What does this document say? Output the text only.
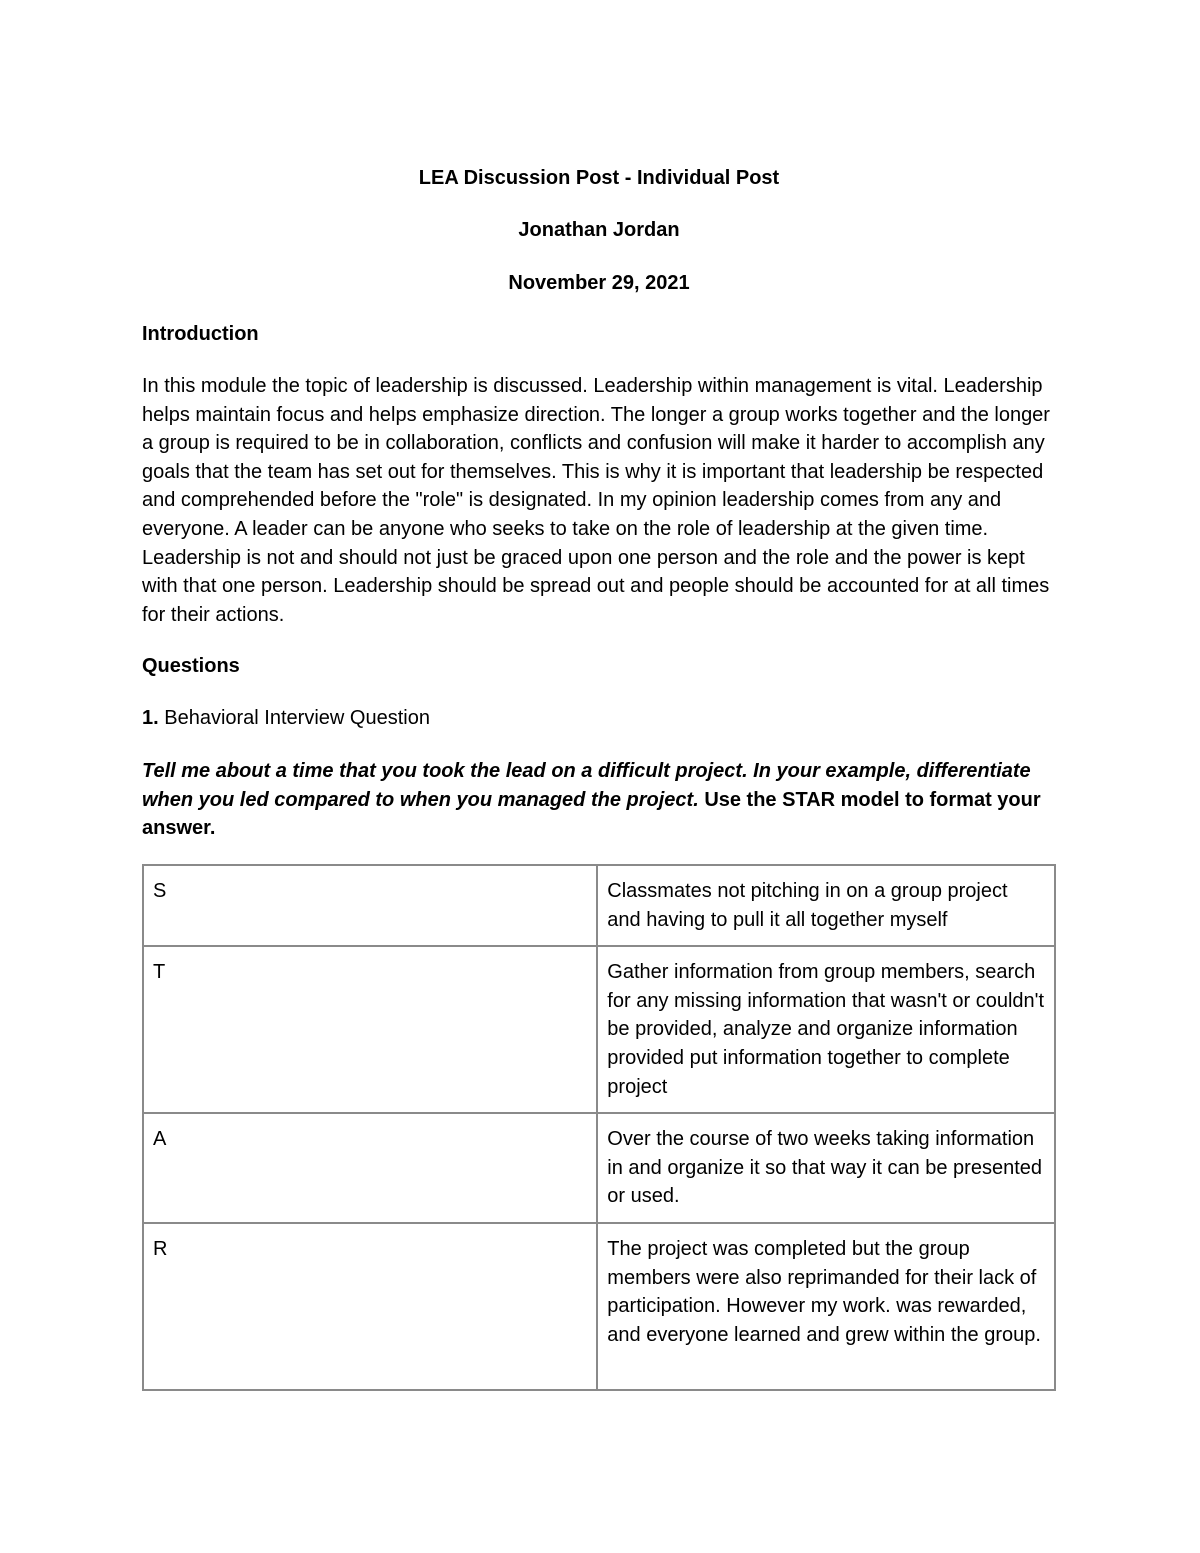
LEA Discussion Post - Individual Post

Jonathan Jordan

November 29, 2021

Introduction

In this module the topic of leadership is discussed. Leadership within management is vital. Leadership helps maintain focus and helps emphasize direction. The longer a group works together and the longer a group is required to be in collaboration, conflicts and confusion will make it harder to accomplish any goals that the team has set out for themselves. This is why it is important that leadership be respected and comprehended before the "role" is designated. In my opinion leadership comes from any and everyone. A leader can be anyone who seeks to take on the role of leadership at the given time. Leadership is not and should not just be graced upon one person and the role and the power is kept with that one person. Leadership should be spread out and people should be accounted for at all times for their actions.

Questions

1. Behavioral Interview Question

Tell me about a time that you took the lead on a difficult project. In your example, differentiate when you led compared to when you managed the project. Use the STAR model to format your answer.

S	Classmates not pitching in on a group project and having to pull it all together myself
T	Gather information from group members, search for any missing information that wasn't or couldn't be provided, analyze and organize information provided put information together to complete project
A	Over the course of two weeks taking information in and organize it so that way it can be presented or used.
R	The project was completed but the group members were also reprimanded for their lack of participation. However my work. was rewarded, and everyone learned and grew within the group.
